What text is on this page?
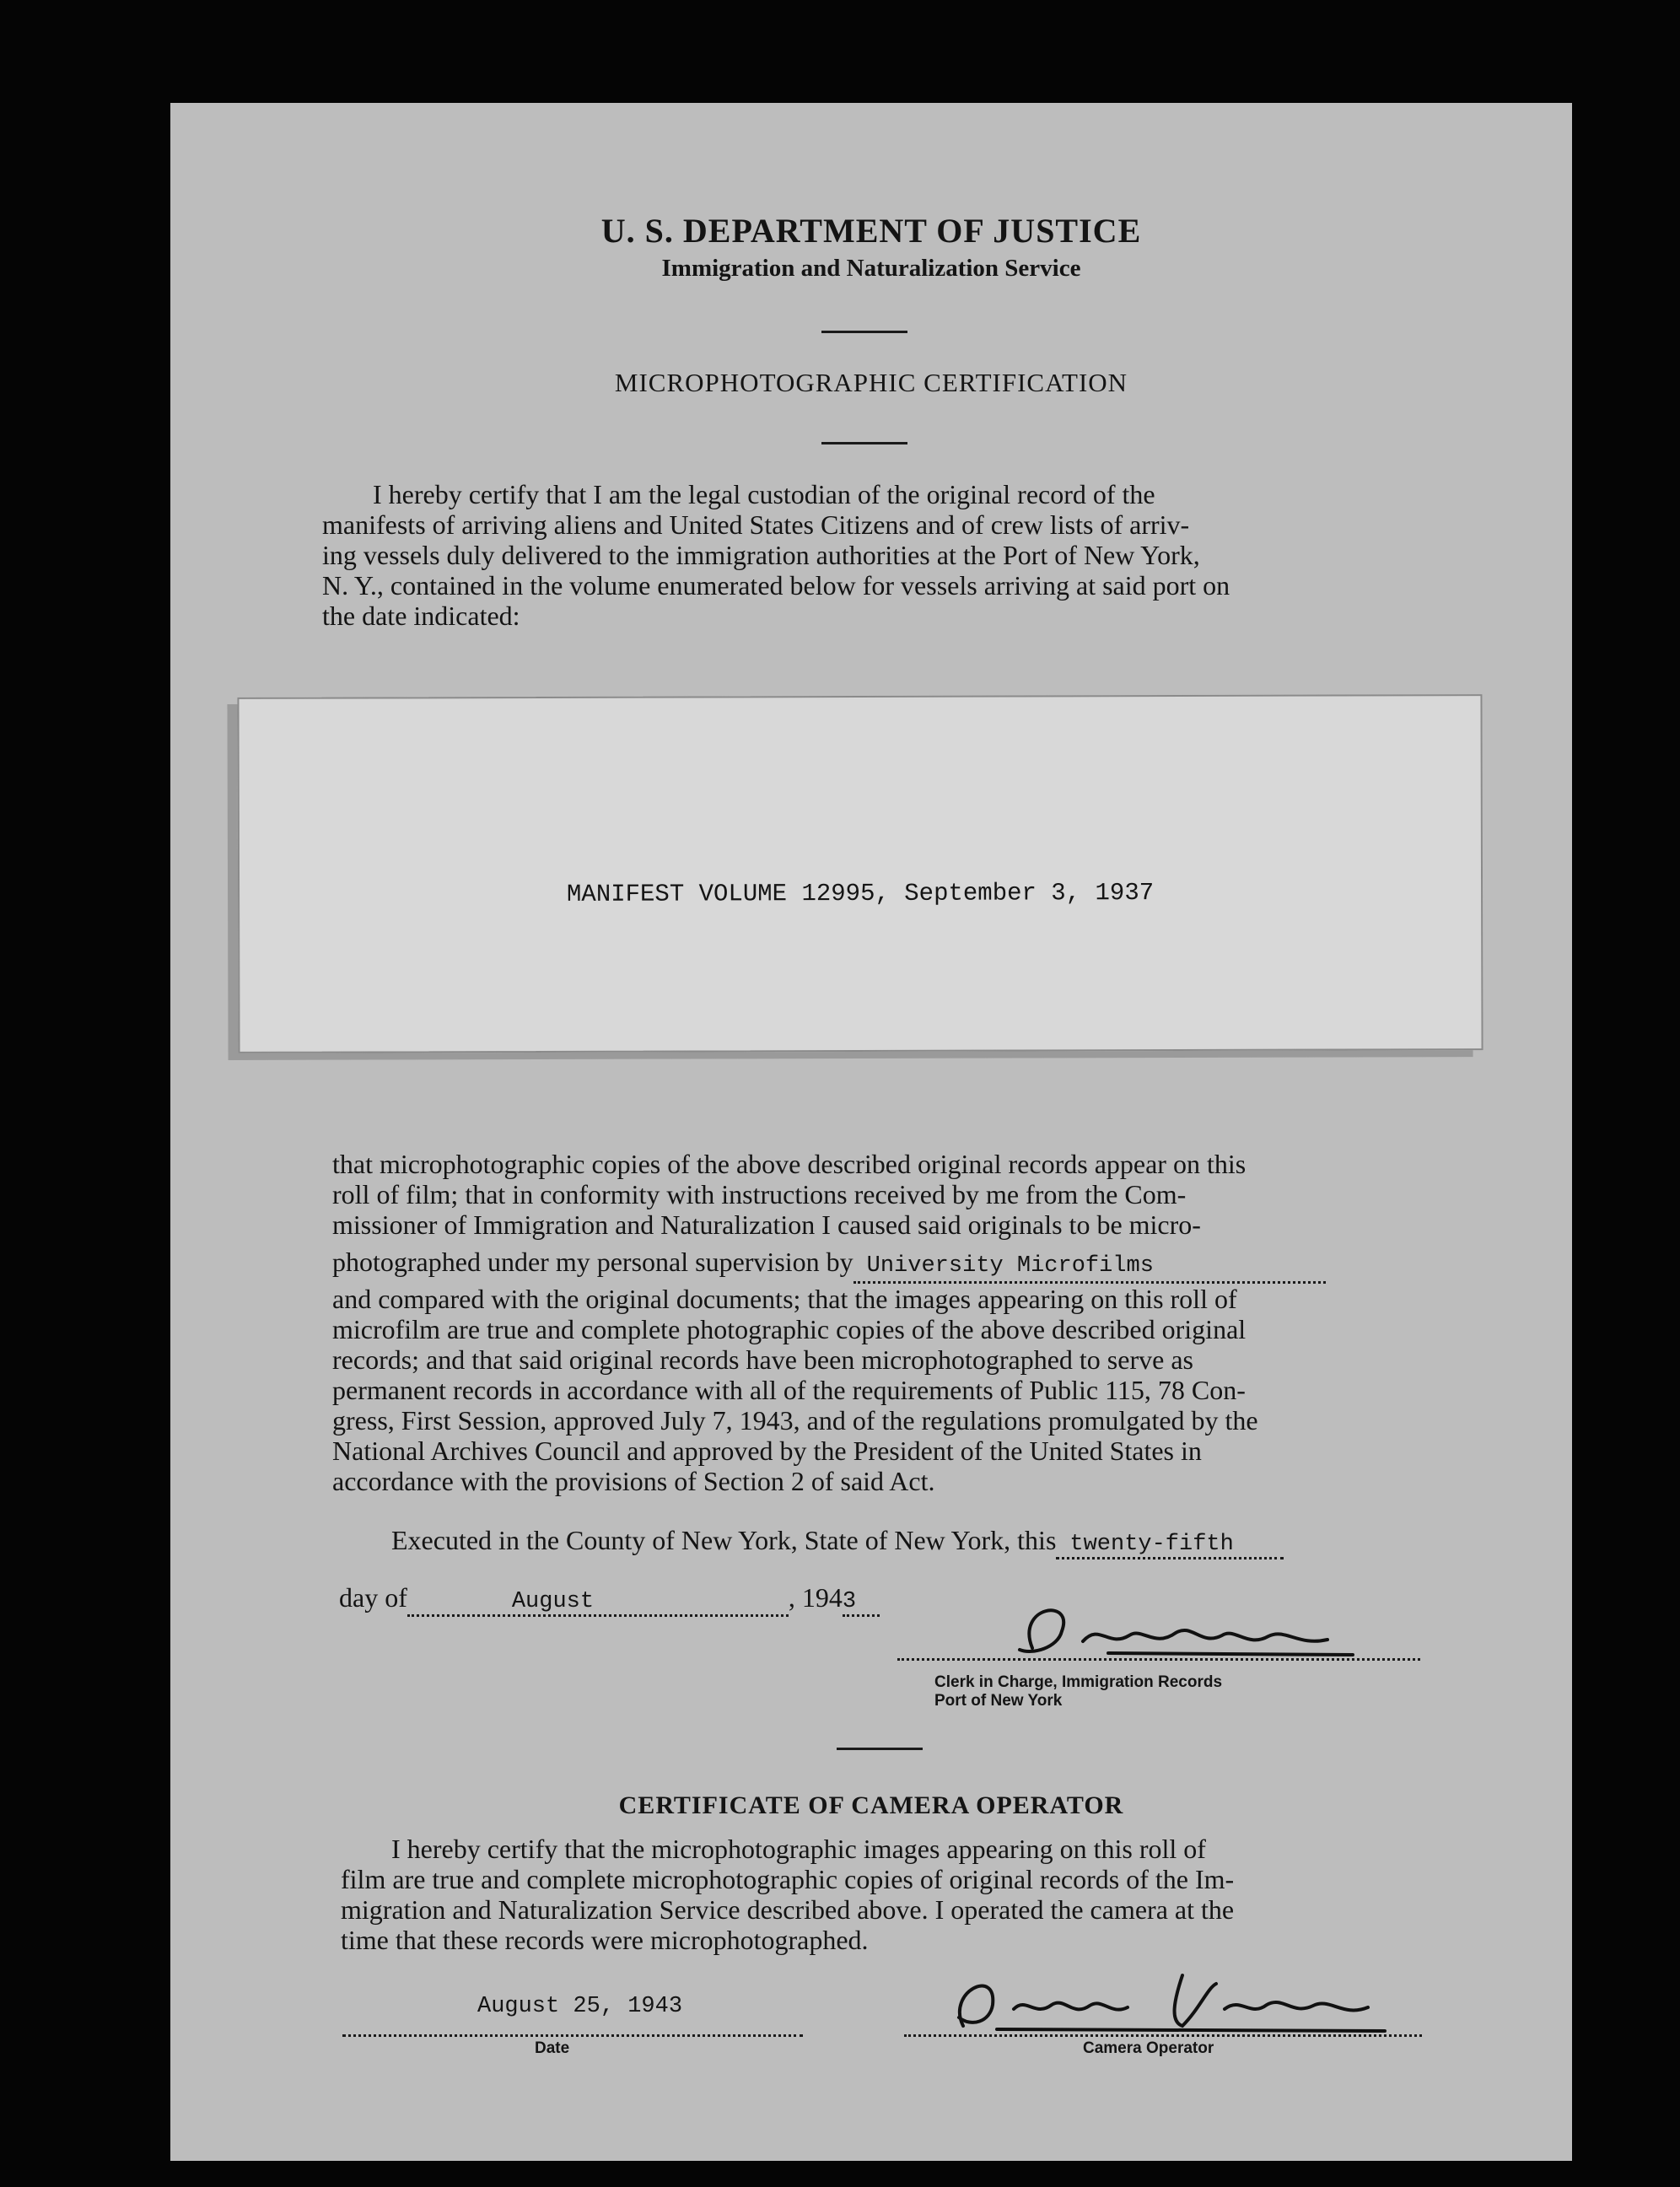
U. S. DEPARTMENT OF JUSTICE
Immigration and Naturalization Service
MICROPHOTOGRAPHIC CERTIFICATION
I hereby certify that I am the legal custodian of the original record of the
manifests of arriving aliens and United States Citizens and of crew lists of arriv-
ing vessels duly delivered to the immigration authorities at the Port of New York,
N. Y., contained in the volume enumerated below for vessels arriving at said port on
the date indicated:
MANIFEST VOLUME 12995, September 3, 1937
that microphotographic copies of the above described original records appear on this
roll of film; that in conformity with instructions received by me from the Com-
missioner of Immigration and Naturalization I caused said originals to be micro-
photographed under my personal supervision by University Microfilms
and compared with the original documents; that the images appearing on this roll of
microfilm are true and complete photographic copies of the above described original
records; and that said original records have been microphotographed to serve as
permanent records in accordance with all of the requirements of Public 115, 78 Con-
gress, First Session, approved July 7, 1943, and of the regulations promulgated by the
National Archives Council and approved by the President of the United States in
accordance with the provisions of Section 2 of said Act.
Executed in the County of New York, State of New York, this twenty-fifth
day of	August	, 1943
Clerk in Charge, Immigration Records
Port of New York
CERTIFICATE OF CAMERA OPERATOR
I hereby certify that the microphotographic images appearing on this roll of
film are true and complete microphotographic copies of original records of the Im-
migration and Naturalization Service described above. I operated the camera at the
time that these records were microphotographed.
August 25, 1943
Date	Camera Operator
